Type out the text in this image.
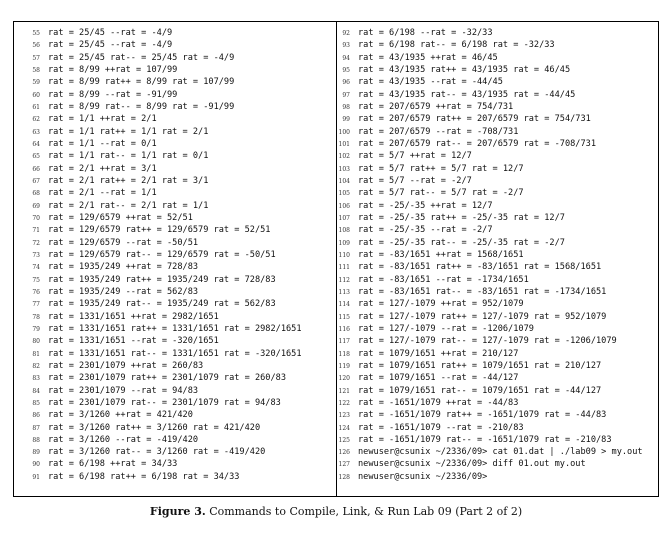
55 rat = 25/45 --rat = -4/9
56 rat = 25/45 --rat = -4/9
57 rat = 25/45 rat-- = 25/45 rat = -4/9
58 rat = 8/99 ++rat = 107/99
59 rat = 8/99 rat++ = 8/99 rat = 107/99
60 rat = 8/99 --rat = -91/99
61 rat = 8/99 rat-- = 8/99 rat = -91/99
62 rat = 1/1 ++rat = 2/1
63 rat = 1/1 rat++ = 1/1 rat = 2/1
64 rat = 1/1 --rat = 0/1
65 rat = 1/1 rat-- = 1/1 rat = 0/1
66 rat = 2/1 ++rat = 3/1
67 rat = 2/1 rat++ = 2/1 rat = 3/1
68 rat = 2/1 --rat = 1/1
69 rat = 2/1 rat-- = 2/1 rat = 1/1
70 rat = 129/6579 ++rat = 52/51
71 rat = 129/6579 rat++ = 129/6579 rat = 52/51
72 rat = 129/6579 --rat = -50/51
73 rat = 129/6579 rat-- = 129/6579 rat = -50/51
74 rat = 1935/249 ++rat = 728/83
75 rat = 1935/249 rat++ = 1935/249 rat = 728/83
76 rat = 1935/249 --rat = 562/83
77 rat = 1935/249 rat-- = 1935/249 rat = 562/83
78 rat = 1331/1651 ++rat = 2982/1651
79 rat = 1331/1651 rat++ = 1331/1651 rat = 2982/1651
80 rat = 1331/1651 --rat = -320/1651
81 rat = 1331/1651 rat-- = 1331/1651 rat = -320/1651
82 rat = 2301/1079 ++rat = 260/83
83 rat = 2301/1079 rat++ = 2301/1079 rat = 260/83
84 rat = 2301/1079 --rat = 94/83
85 rat = 2301/1079 rat-- = 2301/1079 rat = 94/83
86 rat = 3/1260 ++rat = 421/420
87 rat = 3/1260 rat++ = 3/1260 rat = 421/420
88 rat = 3/1260 --rat = -419/420
89 rat = 3/1260 rat-- = 3/1260 rat = -419/420
90 rat = 6/198 ++rat = 34/33
91 rat = 6/198 rat++ = 6/198 rat = 34/33
92 rat = 6/198 --rat = -32/33
93 rat = 6/198 rat-- = 6/198 rat = -32/33
94 rat = 43/1935 ++rat = 46/45
95 rat = 43/1935 rat++ = 43/1935 rat = 46/45
96 rat = 43/1935 --rat = -44/45
97 rat = 43/1935 rat-- = 43/1935 rat = -44/45
98 rat = 207/6579 ++rat = 754/731
99 rat = 207/6579 rat++ = 207/6579 rat = 754/731
100 rat = 207/6579 --rat = -708/731
101 rat = 207/6579 rat-- = 207/6579 rat = -708/731
102 rat = 5/7 ++rat = 12/7
103 rat = 5/7 rat++ = 5/7 rat = 12/7
104 rat = 5/7 --rat = -2/7
105 rat = 5/7 rat-- = 5/7 rat = -2/7
106 rat = -25/-35 ++rat = 12/7
107 rat = -25/-35 rat++ = -25/-35 rat = 12/7
108 rat = -25/-35 --rat = -2/7
109 rat = -25/-35 rat-- = -25/-35 rat = -2/7
110 rat = -83/1651 ++rat = 1568/1651
111 rat = -83/1651 rat++ = -83/1651 rat = 1568/1651
112 rat = -83/1651 --rat = -1734/1651
113 rat = -83/1651 rat-- = -83/1651 rat = -1734/1651
114 rat = 127/-1079 ++rat = 952/1079
115 rat = 127/-1079 rat++ = 127/-1079 rat = 952/1079
116 rat = 127/-1079 --rat = -1206/1079
117 rat = 127/-1079 rat-- = 127/-1079 rat = -1206/1079
118 rat = 1079/1651 ++rat = 210/127
119 rat = 1079/1651 rat++ = 1079/1651 rat = 210/127
120 rat = 1079/1651 --rat = -44/127
121 rat = 1079/1651 rat-- = 1079/1651 rat = -44/127
122 rat = -1651/1079 ++rat = -44/83
123 rat = -1651/1079 rat++ = -1651/1079 rat = -44/83
124 rat = -1651/1079 --rat = -210/83
125 rat = -1651/1079 rat-- = -1651/1079 rat = -210/83
126 newuser@csunix ~/2336/09> cat 01.dat | ./lab09 > my.out
127 newuser@csunix ~/2336/09> diff 01.out my.out
128 newuser@csunix ~/2336/09>
Figure 3. Commands to Compile, Link, & Run Lab 09 (Part 2 of 2)
